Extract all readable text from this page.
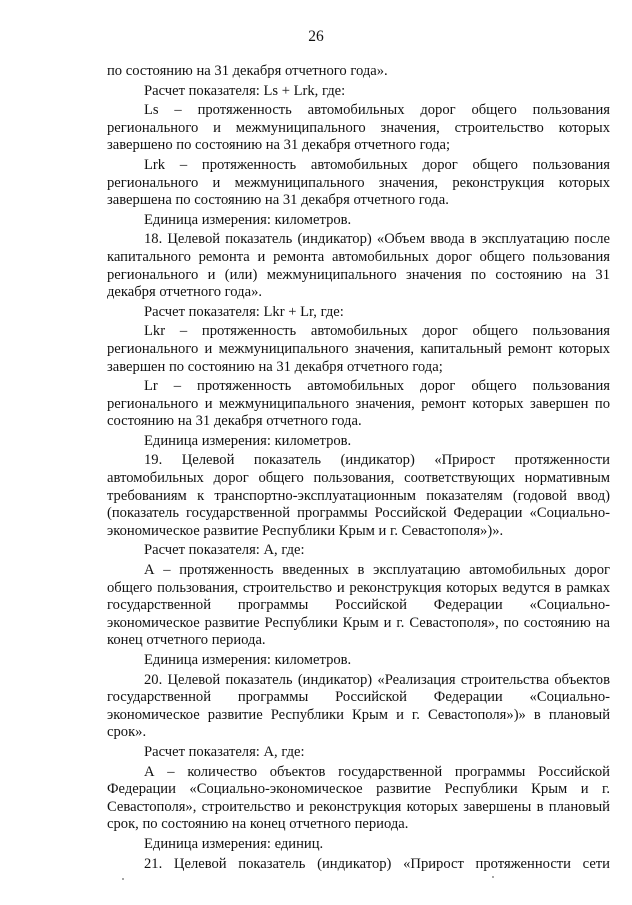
26

по состоянию на 31 декабря отчетного года».

Расчет показателя: Ls + Lrk, где:

Ls – протяженность автомобильных дорог общего пользования регионального и межмуниципального значения, строительство которых завершено по состоянию на 31 декабря отчетного года;

Lrk – протяженность автомобильных дорог общего пользования регионального и межмуниципального значения, реконструкция которых завершена по состоянию на 31 декабря отчетного года.

Единица измерения: километров.

18. Целевой показатель (индикатор) «Объем ввода в эксплуатацию после капитального ремонта и ремонта автомобильных дорог общего пользования регионального и (или) межмуниципального значения по состоянию на 31 декабря отчетного года».

Расчет показателя: Lkr + Lr, где:

Lkr – протяженность автомобильных дорог общего пользования регионального и межмуниципального значения, капитальный ремонт которых завершен по состоянию на 31 декабря отчетного года;

Lr – протяженность автомобильных дорог общего пользования регионального и межмуниципального значения, ремонт которых завершен по состоянию на 31 декабря отчетного года.

Единица измерения: километров.

19. Целевой показатель (индикатор) «Прирост протяженности автомобильных дорог общего пользования, соответствующих нормативным требованиям к транспортно-эксплуатационным показателям (годовой ввод) (показатель государственной программы Российской Федерации «Социально-экономическое развитие Республики Крым и г. Севастополя»)».

Расчет показателя: А, где:

А – протяженность введенных в эксплуатацию автомобильных дорог общего пользования, строительство и реконструкция которых ведутся в рамках государственной программы Российской Федерации «Социально-экономическое развитие Республики Крым и г. Севастополя», по состоянию на конец отчетного периода.

Единица измерения: километров.

20. Целевой показатель (индикатор) «Реализация строительства объектов государственной программы Российской Федерации «Социально-экономическое развитие Республики Крым и г. Севастополя»)» в плановый срок».

Расчет показателя: А, где:

А – количество объектов государственной программы Российской Федерации «Социально-экономическое развитие Республики Крым и г. Севастополя», строительство и реконструкция которых завершены в плановый срок, по состоянию на конец отчетного периода.

Единица измерения: единиц.

21. Целевой показатель (индикатор) «Прирост протяженности сети
